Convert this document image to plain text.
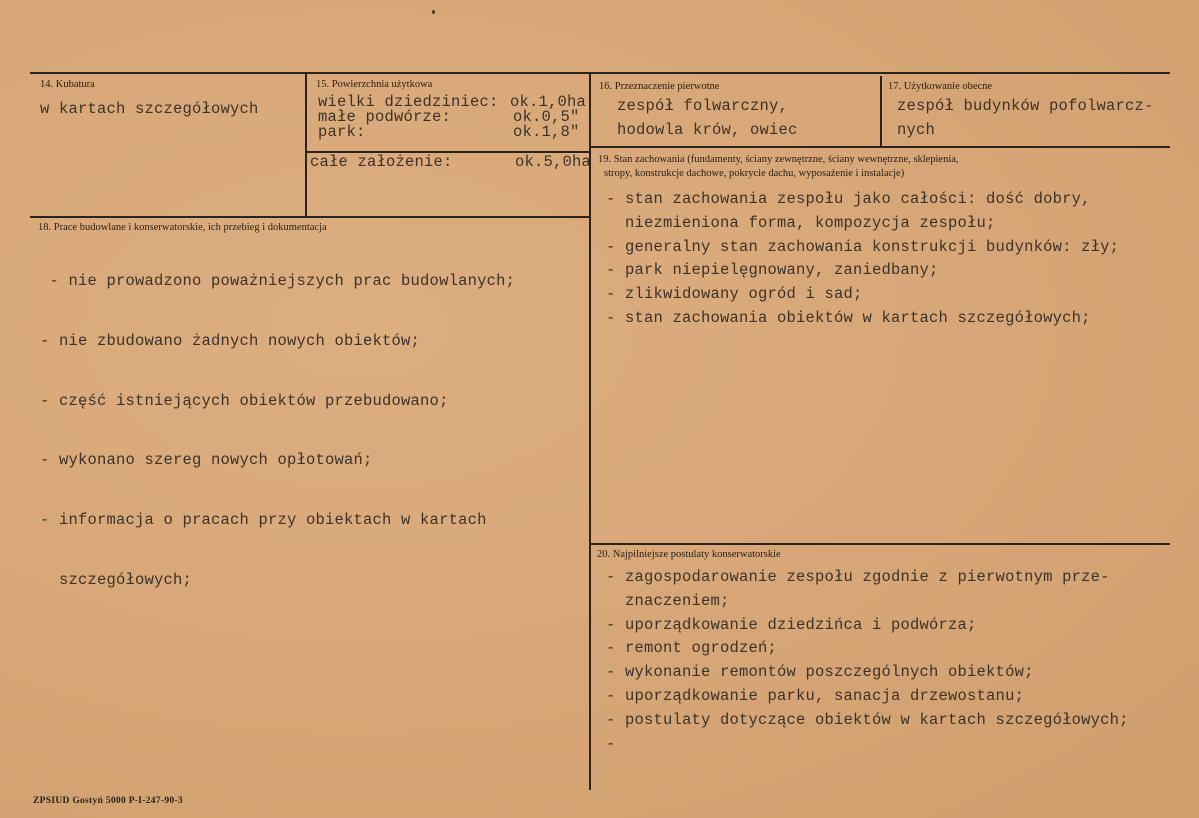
14. Kubatura
w kartach szczegółowych
15. Powierzchnia użytkowa
wielki dziedziniec:
małe podwórze:
park:
ok.1,0ha
ok.0,5"
ok.1,8"
całe założenie:	ok.5,0ha
16. Przeznaczenie pierwotne
zespół folwarczny,
hodowla krów, owiec
17. Użytkowanie obecne
zespół budynków pofolwarcz-
nych
18. Prace budowlane i konserwatorskie, ich przebieg i dokumentacja

- nie prowadzono poważniejszych prac budowlanych;

- nie zbudowano żadnych nowych obiektów;

- część istniejących obiektów przebudowano;

- wykonano szereg nowych opłotowań;

- informacja o pracach przy obiektach w kartach

szczegółowych;

19. Stan zachowania (fundamenty, ściany zewnętrzne, ściany wewnętrzne, sklepienia,
stropy, konstrukcje dachowe, pokrycie dachu, wyposażenie i instalacje)
- stan zachowania zespołu jako całości: dość dobry,
niezmieniona forma, kompozycja zespołu;
- generalny stan zachowania konstrukcji budynków: zły;
- park niepielęgnowany, zaniedbany;
- zlikwidowany ogród i sad;
- stan zachowania obiektów w kartach szczegółowych;
20. Najpilniejsze postulaty konserwatorskie
- zagospodarowanie zespołu zgodnie z pierwotnym prze-
znaczeniem;
- uporządkowanie dziedzińca i podwórza;
- remont ogrodzeń;
- wykonanie remontów poszczególnych obiektów;
- uporządkowanie parku, sanacja drzewostanu;
- postulaty dotyczące obiektów w kartach szczegółowych;
-
ZPSIUD Gostyń 5000 P-I-247-90-3
